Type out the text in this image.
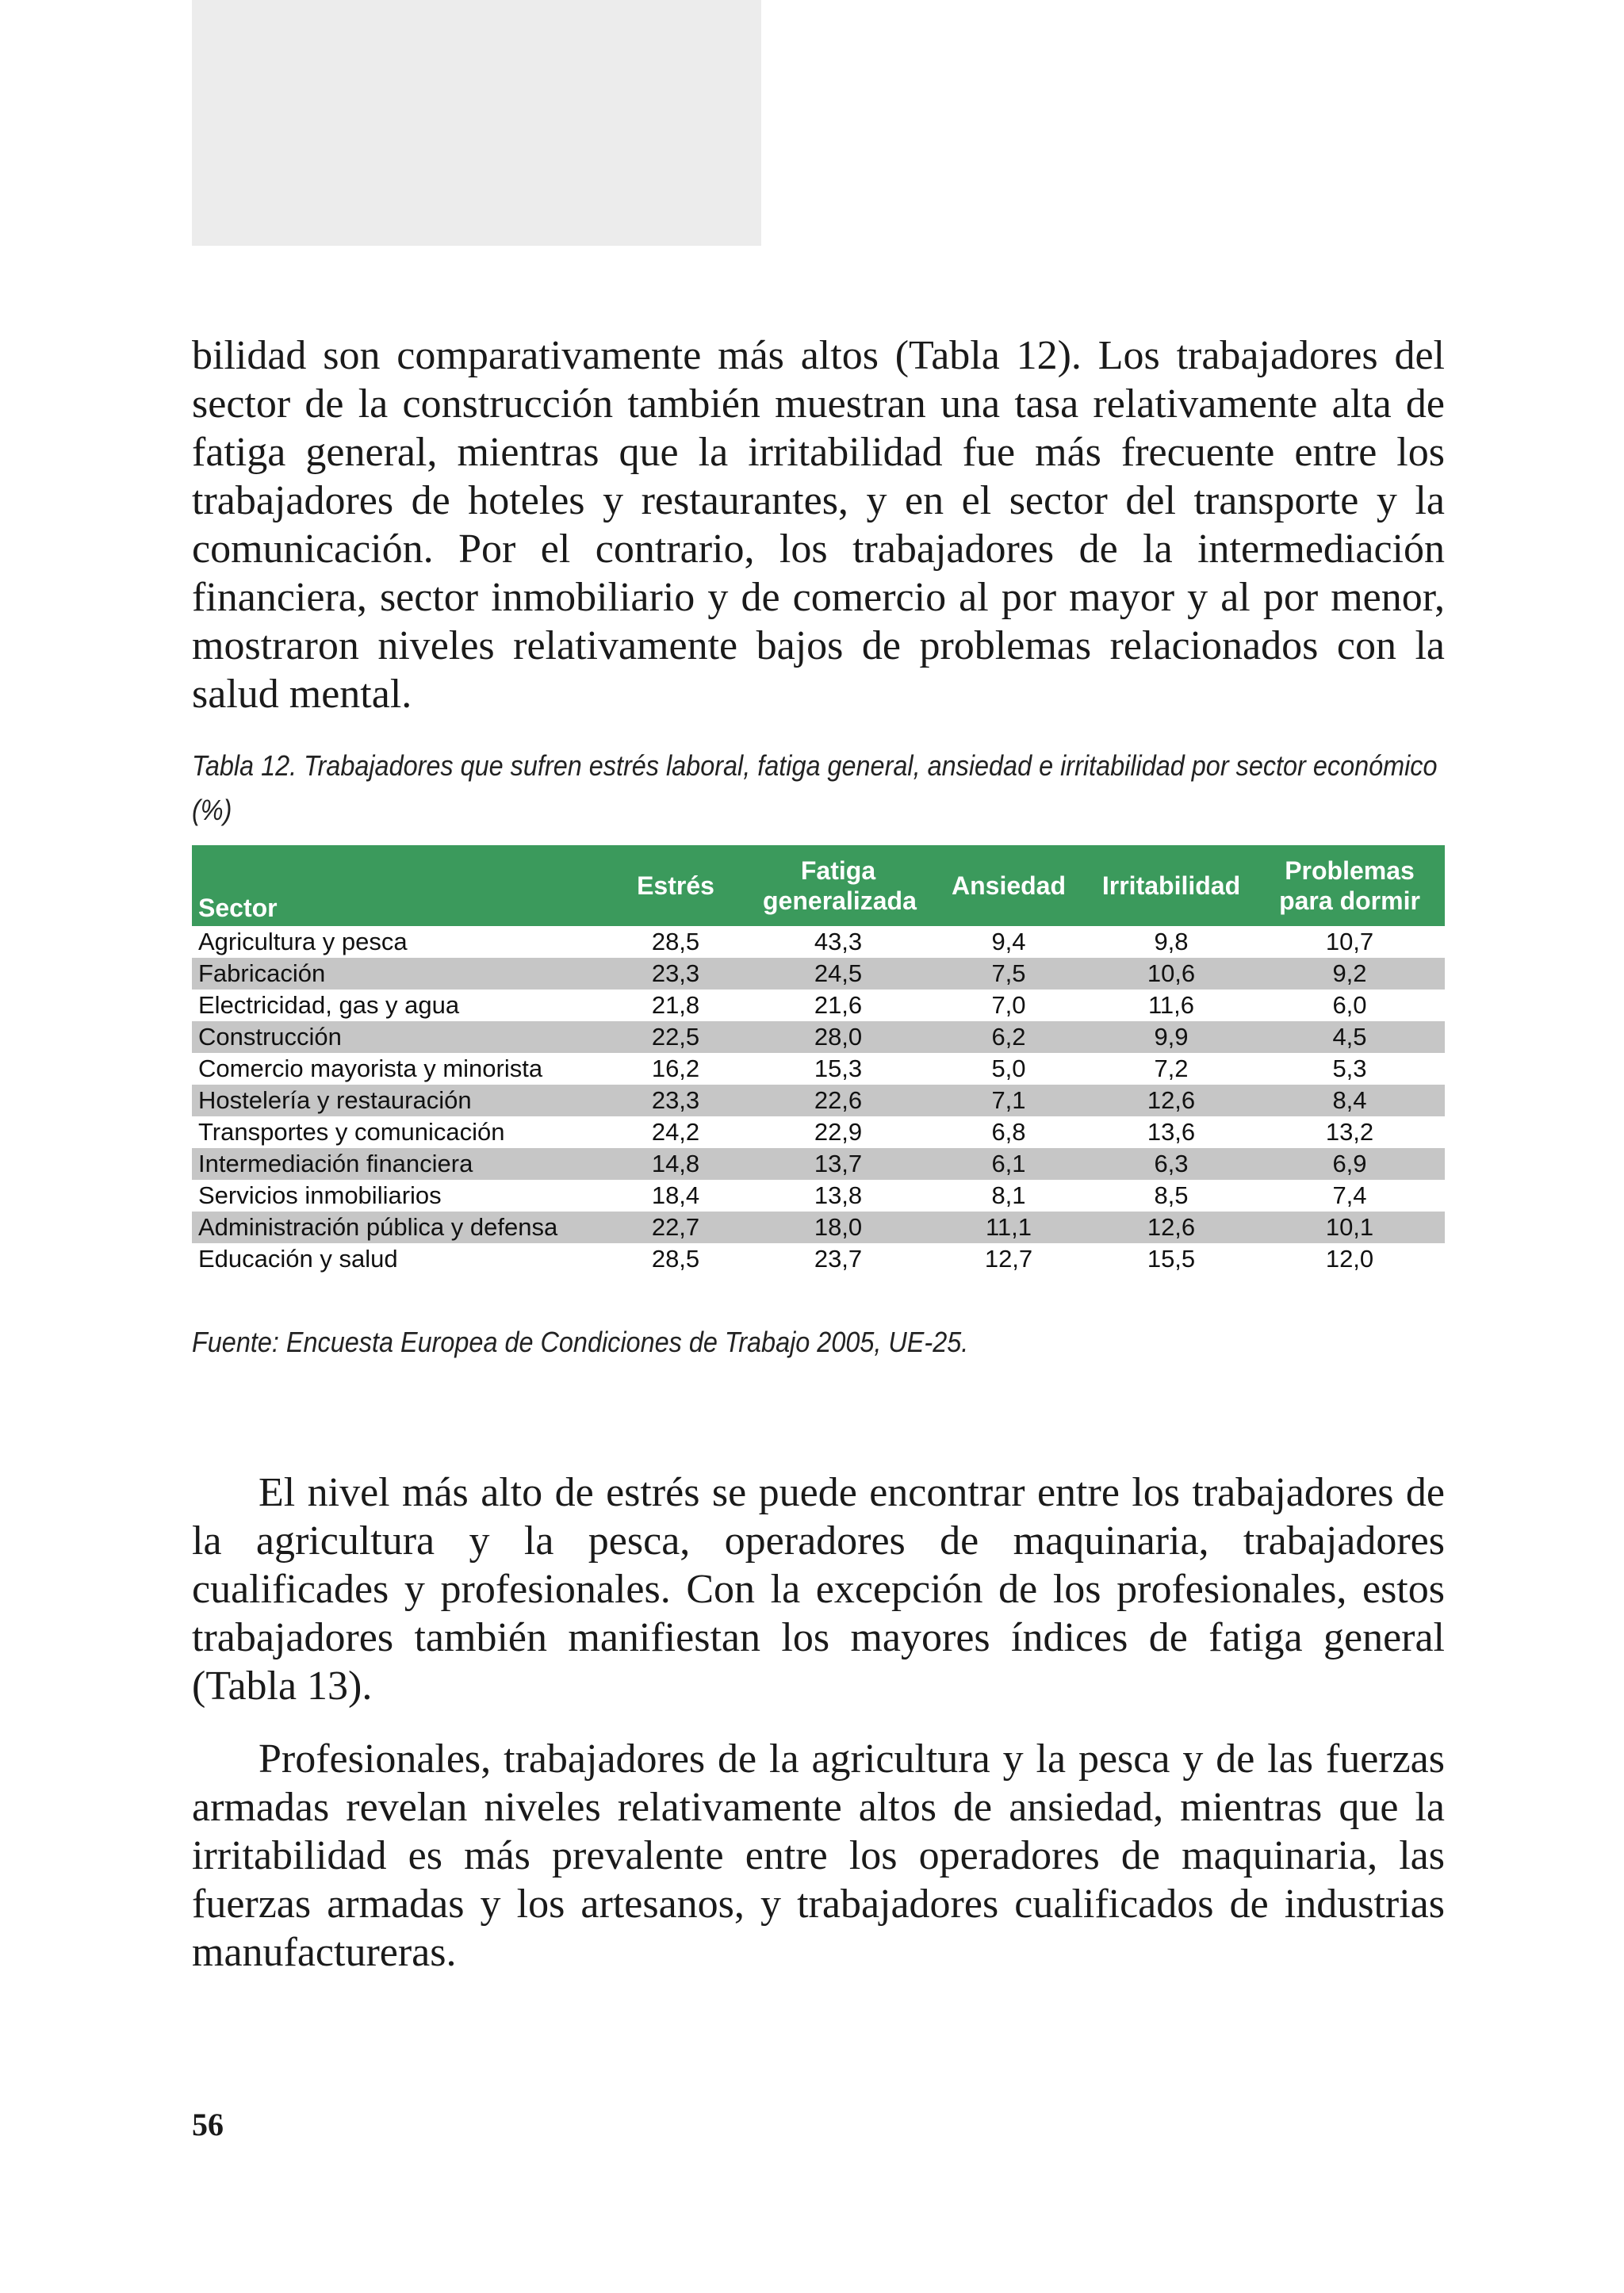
bilidad son comparativamente más altos (Tabla 12). Los trabajadores del sector de la construcción también muestran una tasa relativamente alta de fatiga general, mientras que la irritabilidad fue más frecuente entre los trabajadores de hoteles y restaurantes, y en el sector del transporte y la comunicación. Por el contrario, los trabajadores de la intermediación financiera, sector inmobiliario y de comercio al por mayor y al por menor, mostraron niveles relativamente bajos de problemas relacionados con la salud mental.

Tabla 12. Trabajadores que sufren estrés laboral, fatiga general, ansiedad e irritabilidad por sector económico (%)

Sector	Estrés	Fatiga generalizada	Ansiedad	Irritabilidad	Problemas para dormir
Agricultura y pesca	28,5	43,3	9,4	9,8	10,7
Fabricación	23,3	24,5	7,5	10,6	9,2
Electricidad, gas y agua	21,8	21,6	7,0	11,6	6,0
Construcción	22,5	28,0	6,2	9,9	4,5
Comercio mayorista y minorista	16,2	15,3	5,0	7,2	5,3
Hostelería y restauración	23,3	22,6	7,1	12,6	8,4
Transportes y comunicación	24,2	22,9	6,8	13,6	13,2
Intermediación financiera	14,8	13,7	6,1	6,3	6,9
Servicios inmobiliarios	18,4	13,8	8,1	8,5	7,4
Administración pública y defensa	22,7	18,0	11,1	12,6	10,1
Educación y salud	28,5	23,7	12,7	15,5	12,0

Fuente: Encuesta Europea de Condiciones de Trabajo 2005, UE-25.

El nivel más alto de estrés se puede encontrar entre los trabajadores de la agricultura y la pesca, operadores de maquinaria, trabajadores cualificades y profesionales. Con la excepción de los profesionales, estos trabajadores también manifiestan los mayores índices de fatiga general (Tabla 13).

Profesionales, trabajadores de la agricultura y la pesca y de las fuerzas armadas revelan niveles relativamente altos de ansiedad, mientras que la irritabilidad es más prevalente entre los operadores de maquinaria, las fuerzas armadas y los artesanos, y trabajadores cualificados de industrias manufactureras.

56
